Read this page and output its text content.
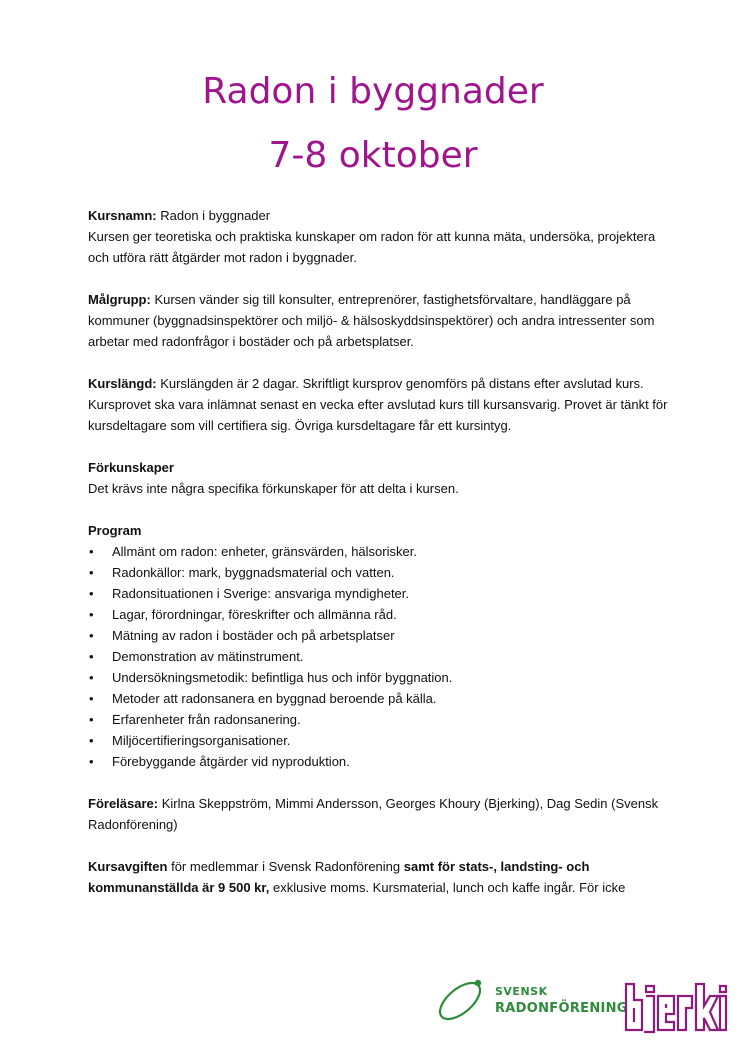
Radon i byggnader
7-8 oktober

Kursnamn: Radon i byggnader

Kursen ger teoretiska och praktiska kunskaper om radon för att kunna mäta, undersöka, projektera och utföra rätt åtgärder mot radon i byggnader.

Målgrupp: Kursen vänder sig till konsulter, entreprenörer, fastighetsförvaltare, handläggare på kommuner (byggnadsinspektörer och miljö- & hälsoskyddsinspektörer) och andra intressenter som arbetar med radonfrågor i bostäder och på arbetsplatser.

Kurslängd: Kurslängden är 2 dagar. Skriftligt kursprov genomförs på distans efter avslutad kurs. Kursprovet ska vara inlämnat senast en vecka efter avslutad kurs till kursansvarig. Provet är tänkt för kursdeltagare som vill certifiera sig. Övriga kursdeltagare får ett kursintyg.

Förkunskaper

Det krävs inte några specifika förkunskaper för att delta i kursen.

Program

• Allmänt om radon: enheter, gränsvärden, hälsorisker.
• Radonkällor: mark, byggnadsmaterial och vatten.
• Radonsituationen i Sverige: ansvariga myndigheter.
• Lagar, förordningar, föreskrifter och allmänna råd.
• Mätning av radon i bostäder och på arbetsplatser
• Demonstration av mätinstrument.
• Undersökningsmetodik: befintliga hus och inför byggnation.
• Metoder att radonsanera en byggnad beroende på källa.
• Erfarenheter från radonsanering.
• Miljöcertifieringsorganisationer.
• Förebyggande åtgärder vid nyproduktion.

Föreläsare: Kirlna Skeppström, Mimmi Andersson, Georges Khoury (Bjerking), Dag Sedin (Svensk Radonförening)

Kursavgiften för medlemmar i Svensk Radonförening samt för stats-, landsting- och kommunanställda är 9 500 kr, exklusive moms. Kursmaterial, lunch och kaffe ingår. För icke

SVENSK
RADONFÖRENING
bjerking
